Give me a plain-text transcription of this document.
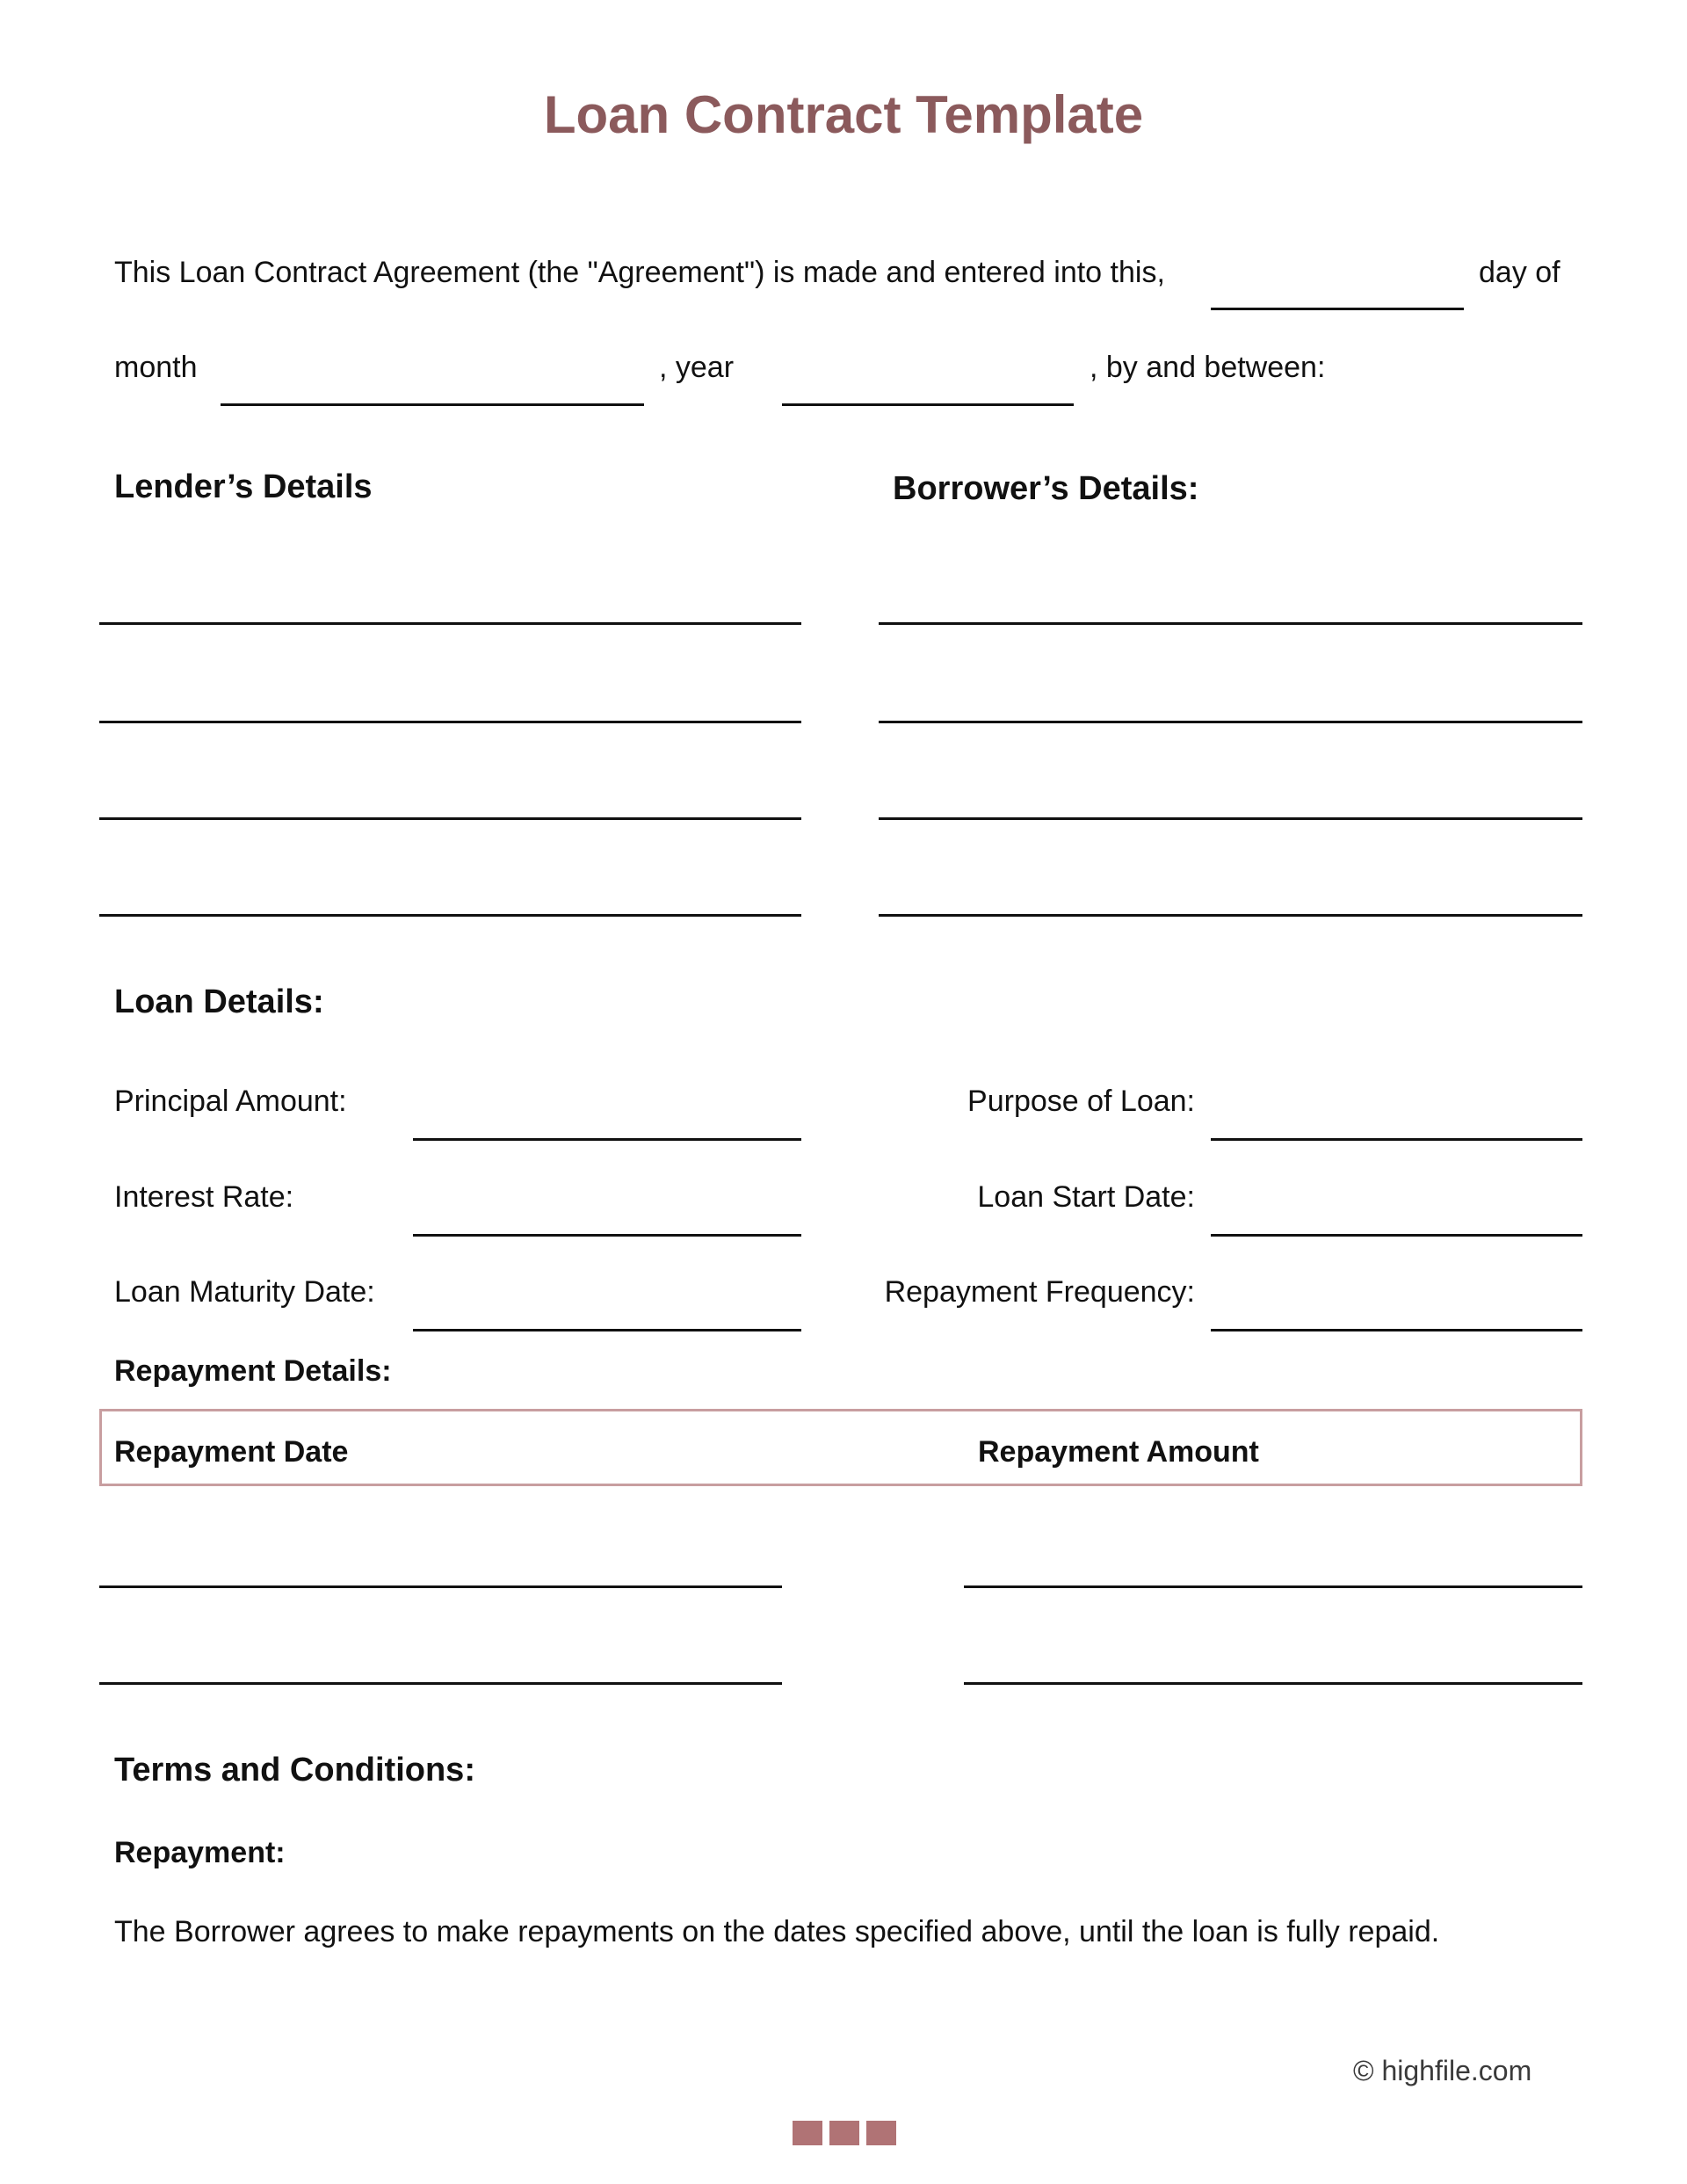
Loan Contract Template
This Loan Contract Agreement (the "Agreement") is made and entered into this,	day of
month	, year	, by and between:
Lender’s Details	Borrower’s Details:
Loan Details:
Principal Amount:	Purpose of Loan:
Interest Rate:	Loan Start Date:
Loan Maturity Date:	Repayment Frequency:
Repayment Details:
Repayment Date	Repayment Amount
Terms and Conditions:
Repayment:
The Borrower agrees to make repayments on the dates specified above, until the loan is fully repaid.
© highfile.com
